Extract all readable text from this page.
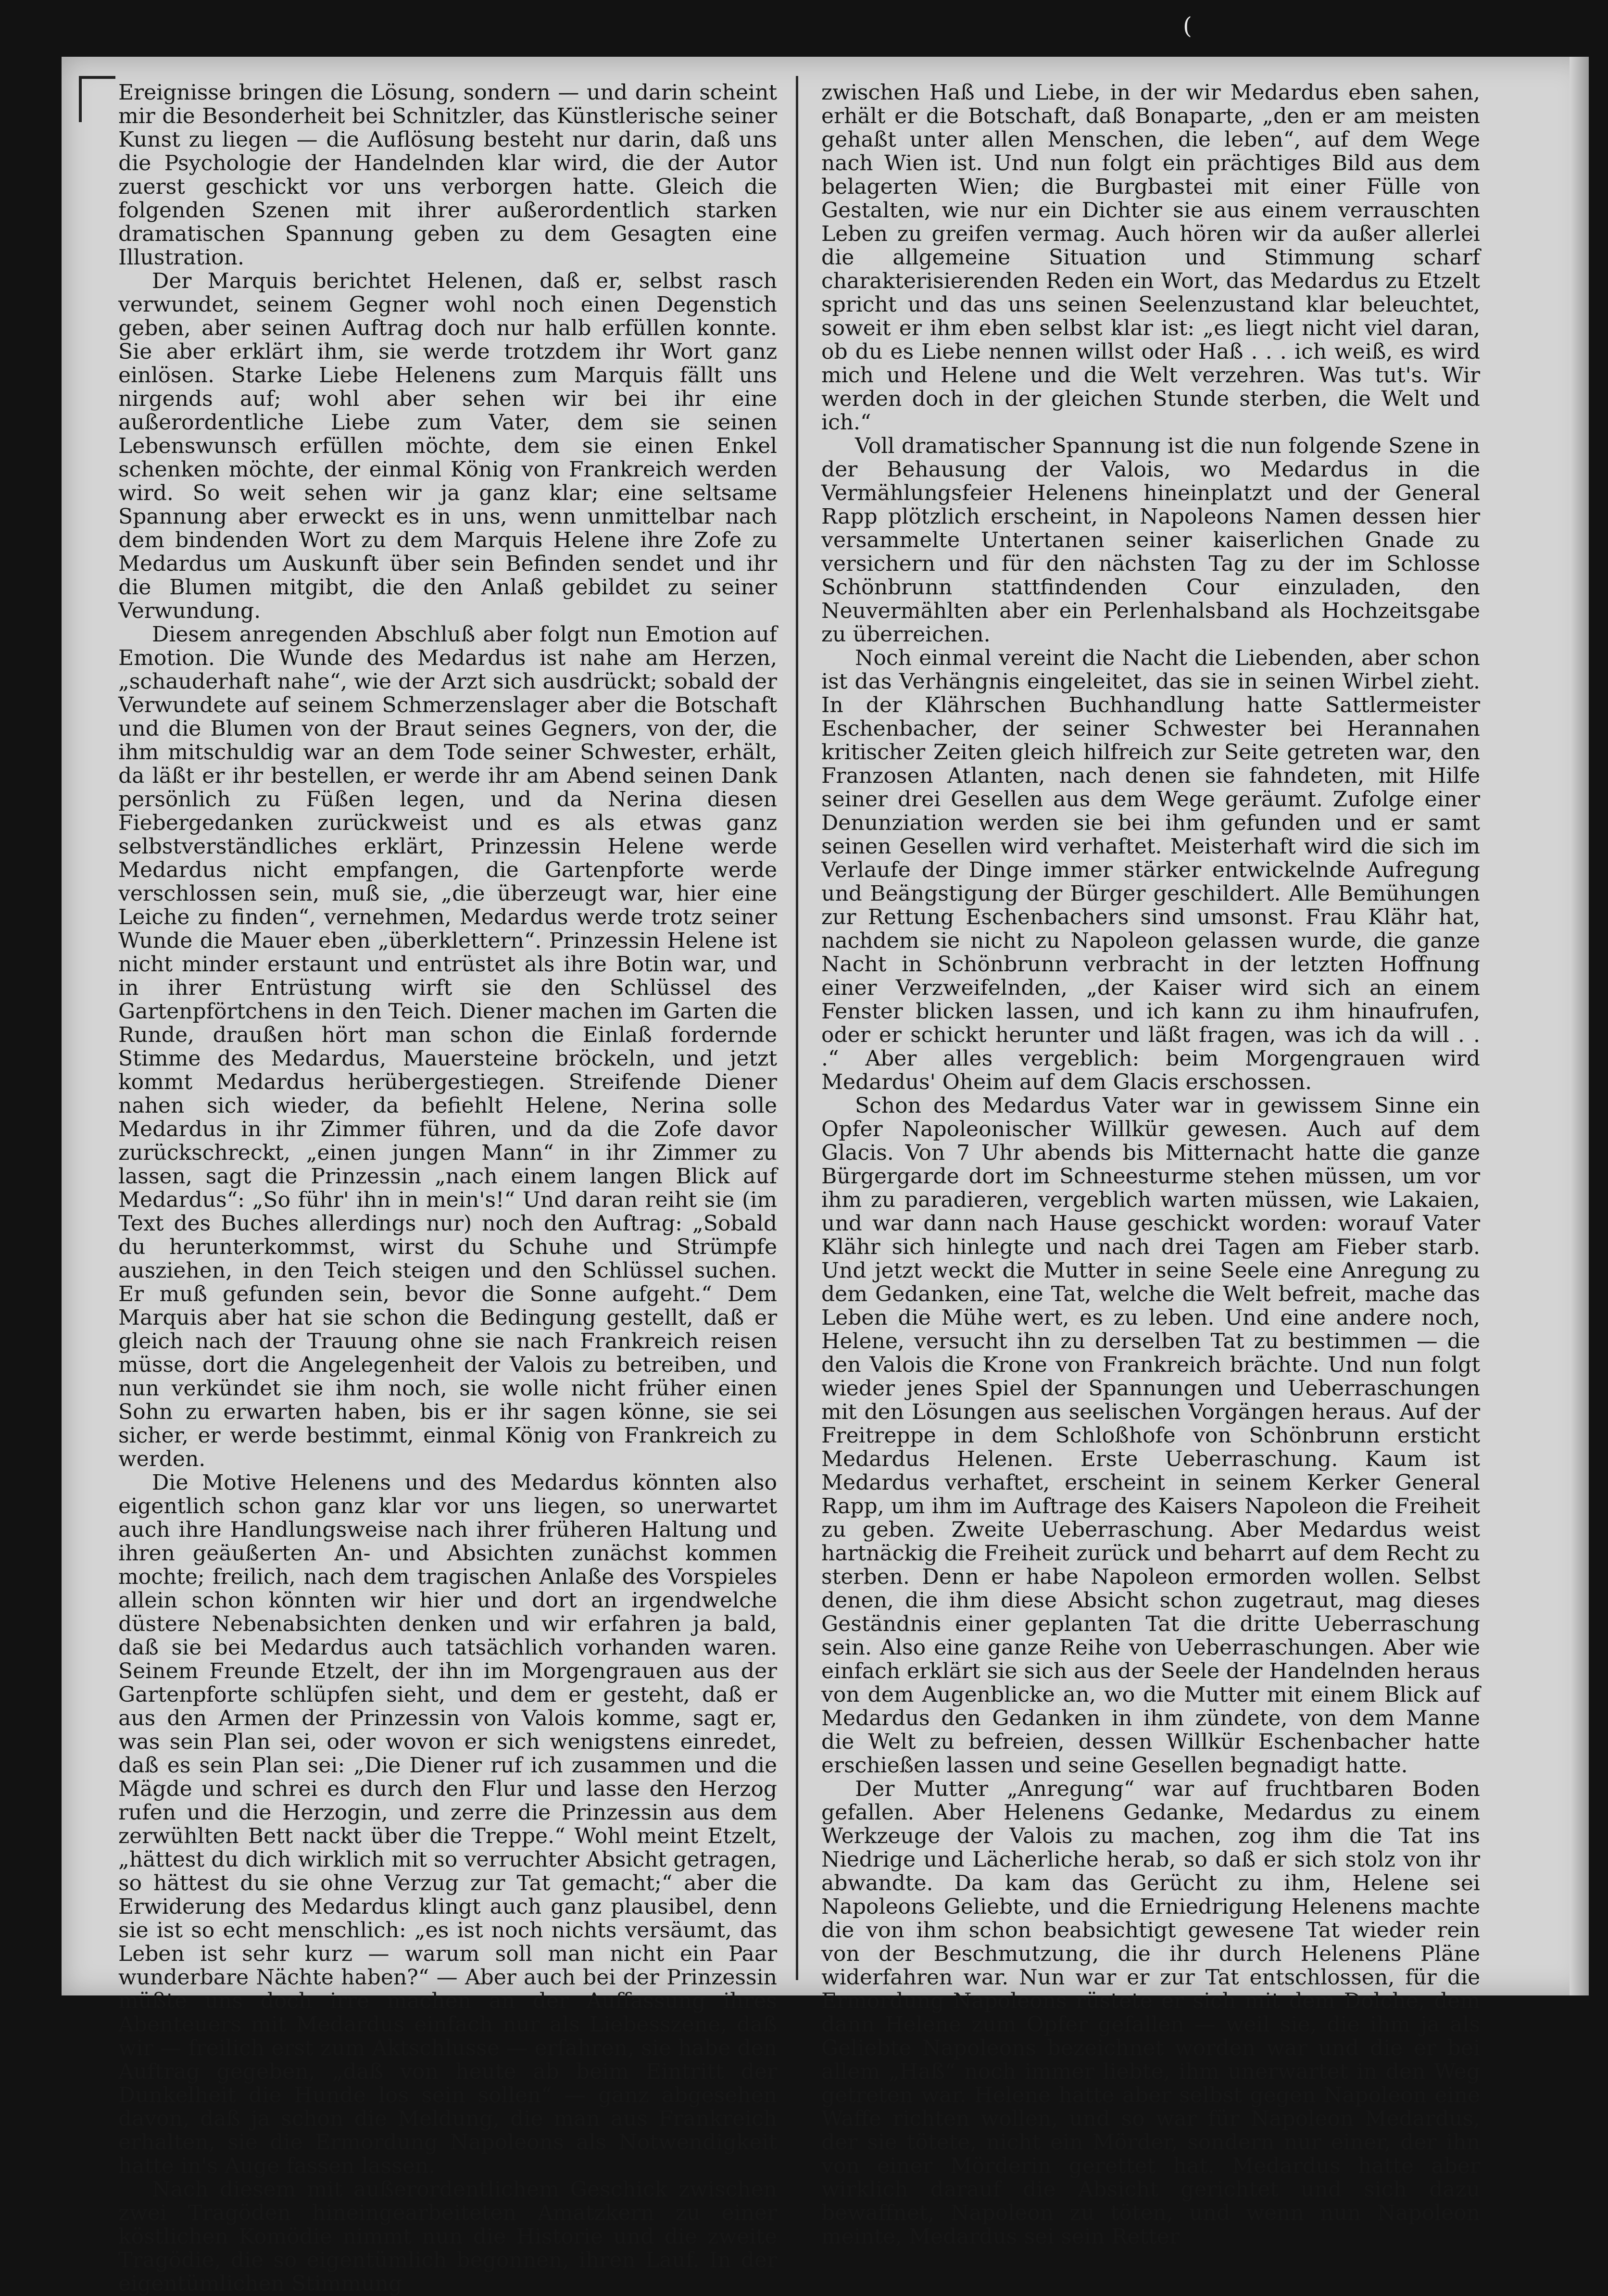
(

Ereignisse bringen die Lösung, sondern — und darin scheint mir die Besonderheit bei Schnitzler, das Künstlerische seiner Kunst zu liegen — die Auflösung besteht nur darin, daß uns die Psychologie der Handelnden klar wird, die der Autor zuerst geschickt vor uns verborgen hatte. Gleich die folgenden Szenen mit ihrer außerordentlich starken dramatischen Spannung geben zu dem Gesagten eine Illustration.

Der Marquis berichtet Helenen, daß er, selbst rasch verwundet, seinem Gegner wohl noch einen Degenstich geben, aber seinen Auftrag doch nur halb erfüllen konnte. Sie aber erklärt ihm, sie werde trotzdem ihr Wort ganz einlösen. Starke Liebe Helenens zum Marquis fällt uns nirgends auf; wohl aber sehen wir bei ihr eine außerordentliche Liebe zum Vater, dem sie seinen Lebenswunsch erfüllen möchte, dem sie einen Enkel schenken möchte, der einmal König von Frankreich werden wird. So weit sehen wir ja ganz klar; eine seltsame Spannung aber erweckt es in uns, wenn unmittelbar nach dem bindenden Wort zu dem Marquis Helene ihre Zofe zu Medardus um Auskunft über sein Befinden sendet und ihr die Blumen mitgibt, die den Anlaß gebildet zu seiner Verwundung.

Diesem anregenden Abschluß aber folgt nun Emotion auf Emotion. Die Wunde des Medardus ist nahe am Herzen, „schauderhaft nahe“, wie der Arzt sich ausdrückt; sobald der Verwundete auf seinem Schmerzenslager aber die Botschaft und die Blumen von der Braut seines Gegners, von der, die ihm mitschuldig war an dem Tode seiner Schwester, erhält, da läßt er ihr bestellen, er werde ihr am Abend seinen Dank persönlich zu Füßen legen, und da Nerina diesen Fiebergedanken zurückweist und es als etwas ganz selbstverständliches erklärt, Prinzessin Helene werde Medardus nicht empfangen, die Gartenpforte werde verschlossen sein, muß sie, „die überzeugt war, hier eine Leiche zu finden“, vernehmen, Medardus werde trotz seiner Wunde die Mauer eben „überklettern“. Prinzessin Helene ist nicht minder erstaunt und entrüstet als ihre Botin war, und in ihrer Entrüstung wirft sie den Schlüssel des Gartenpförtchens in den Teich. Diener machen im Garten die Runde, draußen hört man schon die Einlaß fordernde Stimme des Medardus, Mauersteine bröckeln, und jetzt kommt Medardus herübergestiegen. Streifende Diener nahen sich wieder, da befiehlt Helene, Nerina solle Medardus in ihr Zimmer führen, und da die Zofe davor zurückschreckt, „einen jungen Mann“ in ihr Zimmer zu lassen, sagt die Prinzessin „nach einem langen Blick auf Medardus“: „So führ' ihn in mein's!“ Und daran reiht sie (im Text des Buches allerdings nur) noch den Auftrag: „Sobald du herunterkommst, wirst du Schuhe und Strümpfe ausziehen, in den Teich steigen und den Schlüssel suchen. Er muß gefunden sein, bevor die Sonne aufgeht.“ Dem Marquis aber hat sie schon die Bedingung gestellt, daß er gleich nach der Trauung ohne sie nach Frankreich reisen müsse, dort die Angelegenheit der Valois zu betreiben, und nun verkündet sie ihm noch, sie wolle nicht früher einen Sohn zu erwarten haben, bis er ihr sagen könne, sie sei sicher, er werde bestimmt, einmal König von Frankreich zu werden.

Die Motive Helenens und des Medardus könnten also eigentlich schon ganz klar vor uns liegen, so unerwartet auch ihre Handlungsweise nach ihrer früheren Haltung und ihren geäußerten An- und Absichten zunächst kommen mochte; freilich, nach dem tragischen Anlaße des Vorspieles allein schon könnten wir hier und dort an irgendwelche düstere Nebenabsichten denken und wir erfahren ja bald, daß sie bei Medardus auch tatsächlich vorhanden waren. Seinem Freunde Etzelt, der ihn im Morgengrauen aus der Gartenpforte schlüpfen sieht, und dem er gesteht, daß er aus den Armen der Prinzessin von Valois komme, sagt er, was sein Plan sei, oder wovon er sich wenigstens einredet, daß es sein Plan sei: „Die Diener ruf ich zusammen und die Mägde und schrei es durch den Flur und lasse den Herzog rufen und die Herzogin, und zerre die Prinzessin aus dem zerwühlten Bett nackt über die Treppe.“ Wohl meint Etzelt, „hättest du dich wirklich mit so verruchter Absicht getragen, so hättest du sie ohne Verzug zur Tat gemacht;“ aber die Erwiderung des Medardus klingt auch ganz plausibel, denn sie ist so echt menschlich: „es ist noch nichts versäumt, das Leben ist sehr kurz — warum soll man nicht ein Paar wunderbare Nächte haben?“ — Aber auch bei der Prinzessin müßte uns doch irre machen an der Auffassung ihres Abenteuers mit Medardus einfach nur als Liebesszene, daß wir — freilich erst zum Aktschlusse — erfahren, sie habe den Auftrag gegeben, „daß von heute ab beim Eintritt der Dunkelheit die Hunde los sein sollen“ — ganz abgesehen davon, daß ja schon die Meldung, die man aus Frankreich erhalten, sie die Ermordung Napoleons als Notwendigkeit hatte in's Auge fassen lassen.

Nach diesem mit außerordentlichem Geschick zwischen zwei Tragöden hineingearbeiteten Amatzkern zu einer köstlichen Komödie nimmt nun die Historie und die zweite Tragödie, die so eigentümlich begonnen, ihren Lauf. In der eigentümlichen Stimmung

zwischen Haß und Liebe, in der wir Medardus eben sahen, erhält er die Botschaft, daß Bonaparte, „den er am meisten gehaßt unter allen Menschen, die leben“, auf dem Wege nach Wien ist. Und nun folgt ein prächtiges Bild aus dem belagerten Wien; die Burgbastei mit einer Fülle von Gestalten, wie nur ein Dichter sie aus einem verrauschten Leben zu greifen vermag. Auch hören wir da außer allerlei die allgemeine Situation und Stimmung scharf charakterisierenden Reden ein Wort, das Medardus zu Etzelt spricht und das uns seinen Seelenzustand klar beleuchtet, soweit er ihm eben selbst klar ist: „es liegt nicht viel daran, ob du es Liebe nennen willst oder Haß . . . ich weiß, es wird mich und Helene und die Welt verzehren. Was tut's. Wir werden doch in der gleichen Stunde sterben, die Welt und ich.“

Voll dramatischer Spannung ist die nun folgende Szene in der Behausung der Valois, wo Medardus in die Vermählungsfeier Helenens hineinplatzt und der General Rapp plötzlich erscheint, in Napoleons Namen dessen hier versammelte Untertanen seiner kaiserlichen Gnade zu versichern und für den nächsten Tag zu der im Schlosse Schönbrunn stattfindenden Cour einzuladen, den Neuvermählten aber ein Perlenhalsband als Hochzeitsgabe zu überreichen.

Noch einmal vereint die Nacht die Liebenden, aber schon ist das Verhängnis eingeleitet, das sie in seinen Wirbel zieht. In der Klährschen Buchhandlung hatte Sattlermeister Eschenbacher, der seiner Schwester bei Herannahen kritischer Zeiten gleich hilfreich zur Seite getreten war, den Franzosen Atlanten, nach denen sie fahndeten, mit Hilfe seiner drei Gesellen aus dem Wege geräumt. Zufolge einer Denunziation werden sie bei ihm gefunden und er samt seinen Gesellen wird verhaftet. Meisterhaft wird die sich im Verlaufe der Dinge immer stärker entwickelnde Aufregung und Beängstigung der Bürger geschildert. Alle Bemühungen zur Rettung Eschenbachers sind umsonst. Frau Klähr hat, nachdem sie nicht zu Napoleon gelassen wurde, die ganze Nacht in Schönbrunn verbracht in der letzten Hoffnung einer Verzweifelnden, „der Kaiser wird sich an einem Fenster blicken lassen, und ich kann zu ihm hinaufrufen, oder er schickt herunter und läßt fragen, was ich da will . . .“ Aber alles vergeblich: beim Morgengrauen wird Medardus' Oheim auf dem Glacis erschossen.

Schon des Medardus Vater war in gewissem Sinne ein Opfer Napoleonischer Willkür gewesen. Auch auf dem Glacis. Von 7 Uhr abends bis Mitternacht hatte die ganze Bürgergarde dort im Schneesturme stehen müssen, um vor ihm zu paradieren, vergeblich warten müssen, wie Lakaien, und war dann nach Hause geschickt worden: worauf Vater Klähr sich hinlegte und nach drei Tagen am Fieber starb. Und jetzt weckt die Mutter in seine Seele eine Anregung zu dem Gedanken, eine Tat, welche die Welt befreit, mache das Leben die Mühe wert, es zu leben. Und eine andere noch, Helene, versucht ihn zu derselben Tat zu bestimmen — die den Valois die Krone von Frankreich brächte. Und nun folgt wieder jenes Spiel der Spannungen und Ueberraschungen mit den Lösungen aus seelischen Vorgängen heraus. Auf der Freitreppe in dem Schloßhofe von Schönbrunn ersticht Medardus Helenen. Erste Ueberraschung. Kaum ist Medardus verhaftet, erscheint in seinem Kerker General Rapp, um ihm im Auftrage des Kaisers Napoleon die Freiheit zu geben. Zweite Ueberraschung. Aber Medardus weist hartnäckig die Freiheit zurück und beharrt auf dem Recht zu sterben. Denn er habe Napoleon ermorden wollen. Selbst denen, die ihm diese Absicht schon zugetraut, mag dieses Geständnis einer geplanten Tat die dritte Ueberraschung sein. Also eine ganze Reihe von Ueberraschungen. Aber wie einfach erklärt sie sich aus der Seele der Handelnden heraus von dem Augenblicke an, wo die Mutter mit einem Blick auf Medardus den Gedanken in ihm zündete, von dem Manne die Welt zu befreien, dessen Willkür Eschenbacher hatte erschießen lassen und seine Gesellen begnadigt hatte.

Der Mutter „Anregung“ war auf fruchtbaren Boden gefallen. Aber Helenens Gedanke, Medardus zu einem Werkzeuge der Valois zu machen, zog ihm die Tat ins Niedrige und Lächerliche herab, so daß er sich stolz von ihr abwandte. Da kam das Gerücht zu ihm, Helene sei Napoleons Geliebte, und die Erniedrigung Helenens machte die von ihm schon beabsichtigt gewesene Tat wieder rein von der Beschmutzung, die ihr durch Helenens Pläne widerfahren war. Nun war er zur Tat entschlossen, für die Ermordung Napoleons rüstete er sich mit dem Dolche, dem dann Helene zum Opfer gefallen — weil sie, die ihm ja als Geliebte Napoleons bezeichnet worden war und die er bei allem „Haß“ noch immer liebte, ihm unerwartet in den Weg getreten war. Helene hatte aber selbst gegen Napoleon eine Waffe richten wollen, und so war für Napoleon Medardus, der sie tötete, nicht ein Mörder, sondern nur einer, der ihn von einer Mörderin gerettet hat. Medardus hatte aber wirklich darauf die Absicht gerichtet und sich dazu bewaffnet, Napoleon zu töten, und wenn nun Napoleon meinte, Medardus sei sein Retter
